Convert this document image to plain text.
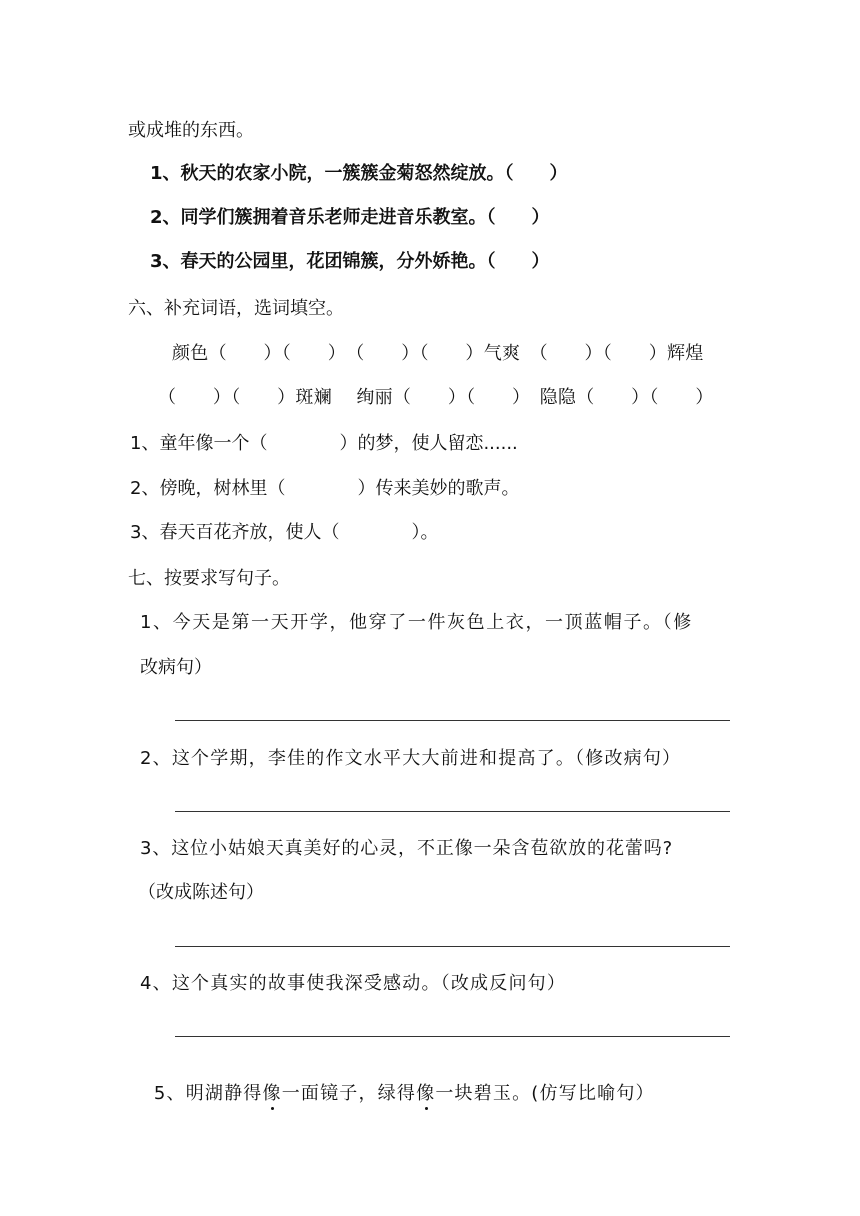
或成堆的东西。
1、秋天的农家小院，一簇簇金菊怒然绽放。（　　）
2、同学们簇拥着音乐老师走进音乐教室。（　　）
3、春天的公园里，花团锦簇，分外娇艳。（　　）
六、补充词语，选词填空。
颜色（　　）（　　）　（　　）（　　）气爽　（　　）（　　）辉煌
（　　）（　　）斑斓　 绚丽（　　）（　　）　隐隐（　　）（　　）
1、童年像一个（　　　　）的梦，使人留恋......
2、傍晚，树林里（　　　　）传来美妙的歌声。
3、春天百花齐放，使人（　　　　）。
七、按要求写句子。
1、今天是第一天开学，他穿了一件灰色上衣，一顶蓝帽子。（修
改病句）
2、这个学期，李佳的作文水平大大前进和提高了。（修改病句）
3、这位小姑娘天真美好的心灵，不正像一朵含苞欲放的花蕾吗?
（改成陈述句）
4、这个真实的故事使我深受感动。（改成反问句）

5、明湖静得像一面镜子，绿得像一块碧玉。(仿写比喻句）
